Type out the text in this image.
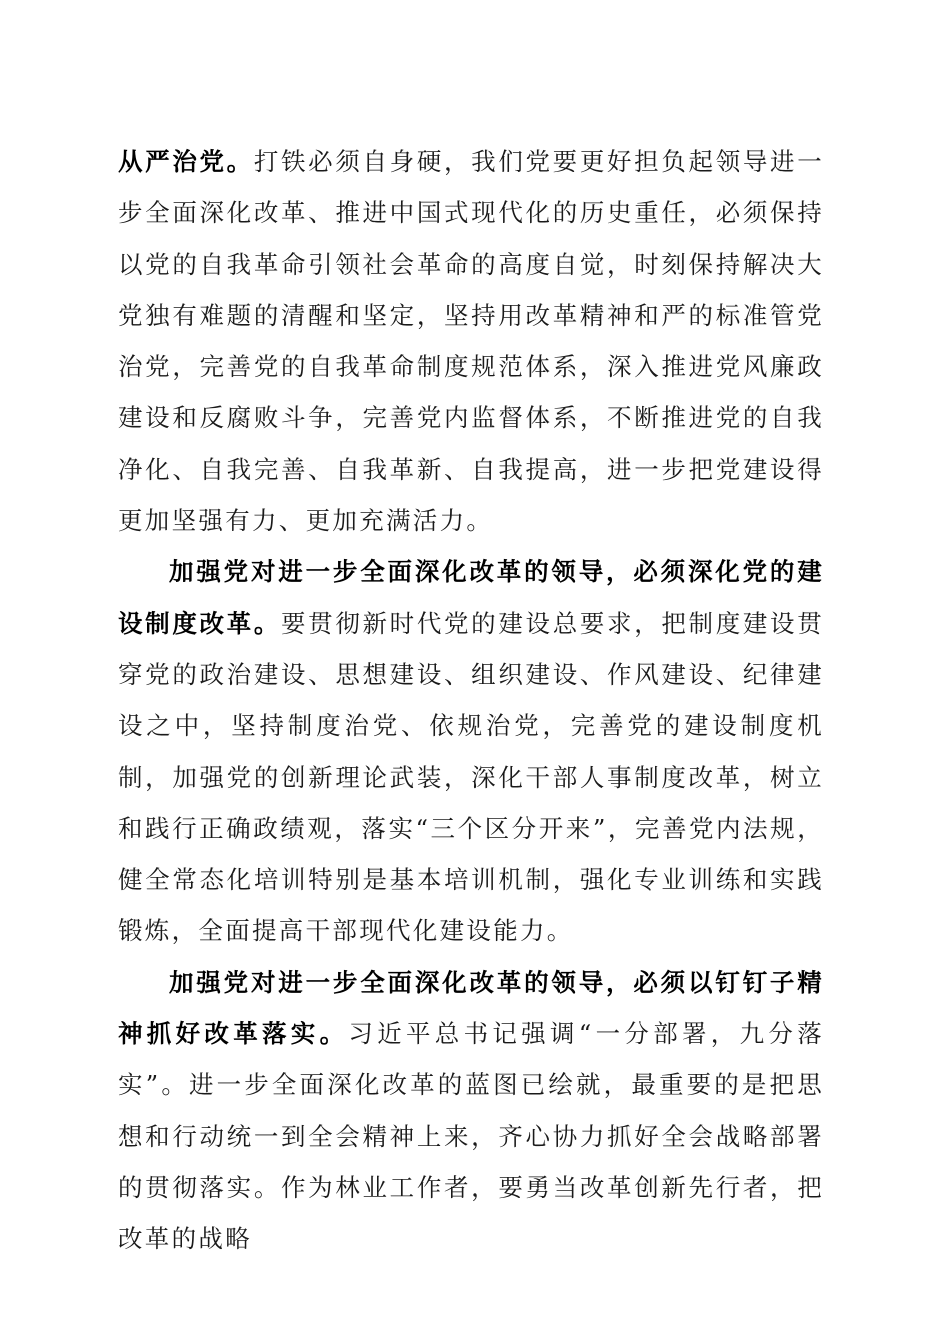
从严治党。打铁必须自身硬，我们党要更好担负起领导进一步全面深化改革、推进中国式现代化的历史重任，必须保持以党的自我革命引领社会革命的高度自觉，时刻保持解决大党独有难题的清醒和坚定，坚持用改革精神和严的标准管党治党，完善党的自我革命制度规范体系，深入推进党风廉政建设和反腐败斗争，完善党内监督体系，不断推进党的自我净化、自我完善、自我革新、自我提高，进一步把党建设得更加坚强有力、更加充满活力。

加强党对进一步全面深化改革的领导，必须深化党的建设制度改革。要贯彻新时代党的建设总要求，把制度建设贯穿党的政治建设、思想建设、组织建设、作风建设、纪律建设之中，坚持制度治党、依规治党，完善党的建设制度机制，加强党的创新理论武装，深化干部人事制度改革，树立和践行正确政绩观，落实“三个区分开来”，完善党内法规，健全常态化培训特别是基本培训机制，强化专业训练和实践锻炼，全面提高干部现代化建设能力。

加强党对进一步全面深化改革的领导，必须以钉钉子精神抓好改革落实。习近平总书记强调“一分部署，九分落实”。进一步全面深化改革的蓝图已绘就，最重要的是把思想和行动统一到全会精神上来，齐心协力抓好全会战略部署的贯彻落实。作为林业工作者，要勇当改革创新先行者，把改革的战略
